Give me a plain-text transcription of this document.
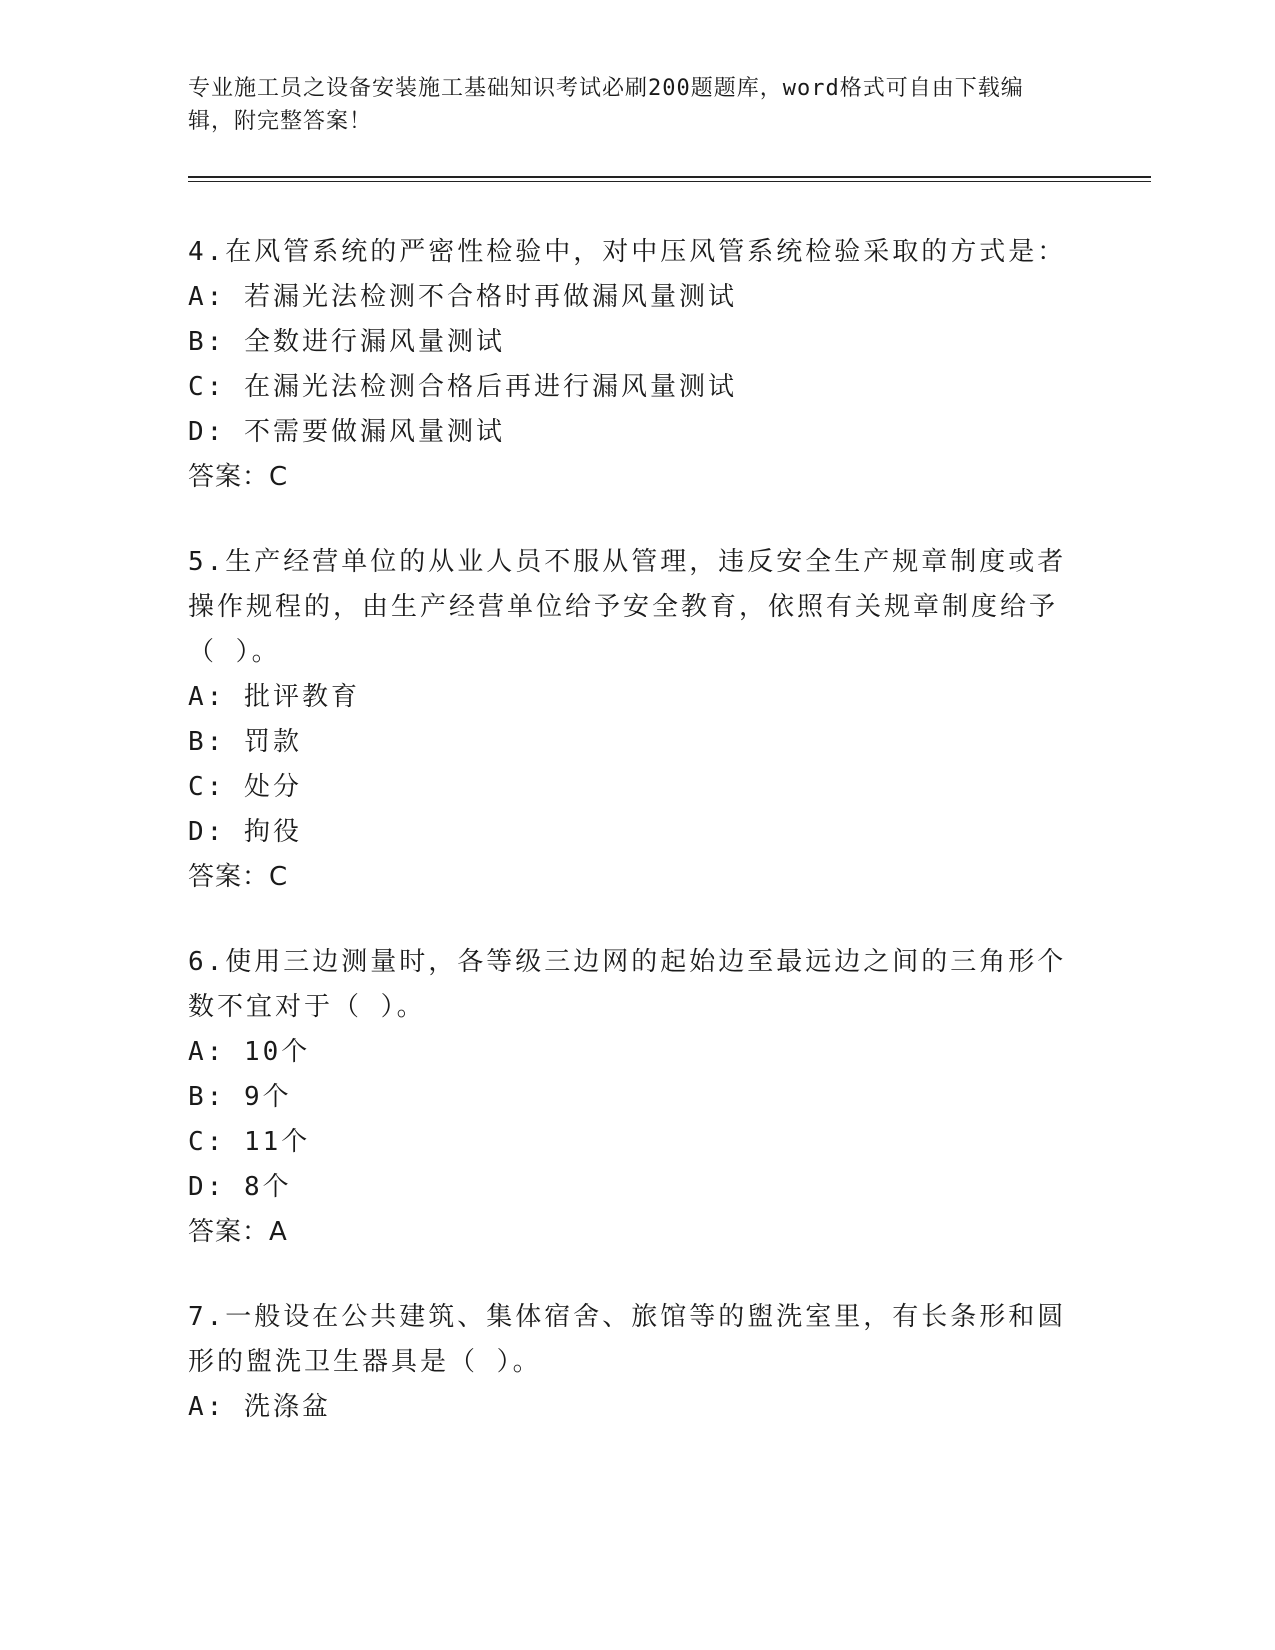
专业施工员之设备安装施工基础知识考试必刷200题题库，word格式可自由下载编辑，附完整答案！

4.在风管系统的严密性检验中，对中压风管系统检验采取的方式是：

A: 若漏光法检测不合格时再做漏风量测试

B: 全数进行漏风量测试

C: 在漏光法检测合格后再进行漏风量测试

D: 不需要做漏风量测试

答案：C

5.生产经营单位的从业人员不服从管理，违反安全生产规章制度或者操作规程的，由生产经营单位给予安全教育，依照有关规章制度给予（ ）。

A: 批评教育

B: 罚款

C: 处分

D: 拘役

答案：C

6.使用三边测量时，各等级三边网的起始边至最远边之间的三角形个数不宜对于（ ）。

A: 10个

B: 9个

C: 11个

D: 8个

答案：A

7.一般设在公共建筑、集体宿舍、旅馆等的盥洗室里，有长条形和圆形的盥洗卫生器具是（ ）。

A: 洗涤盆
